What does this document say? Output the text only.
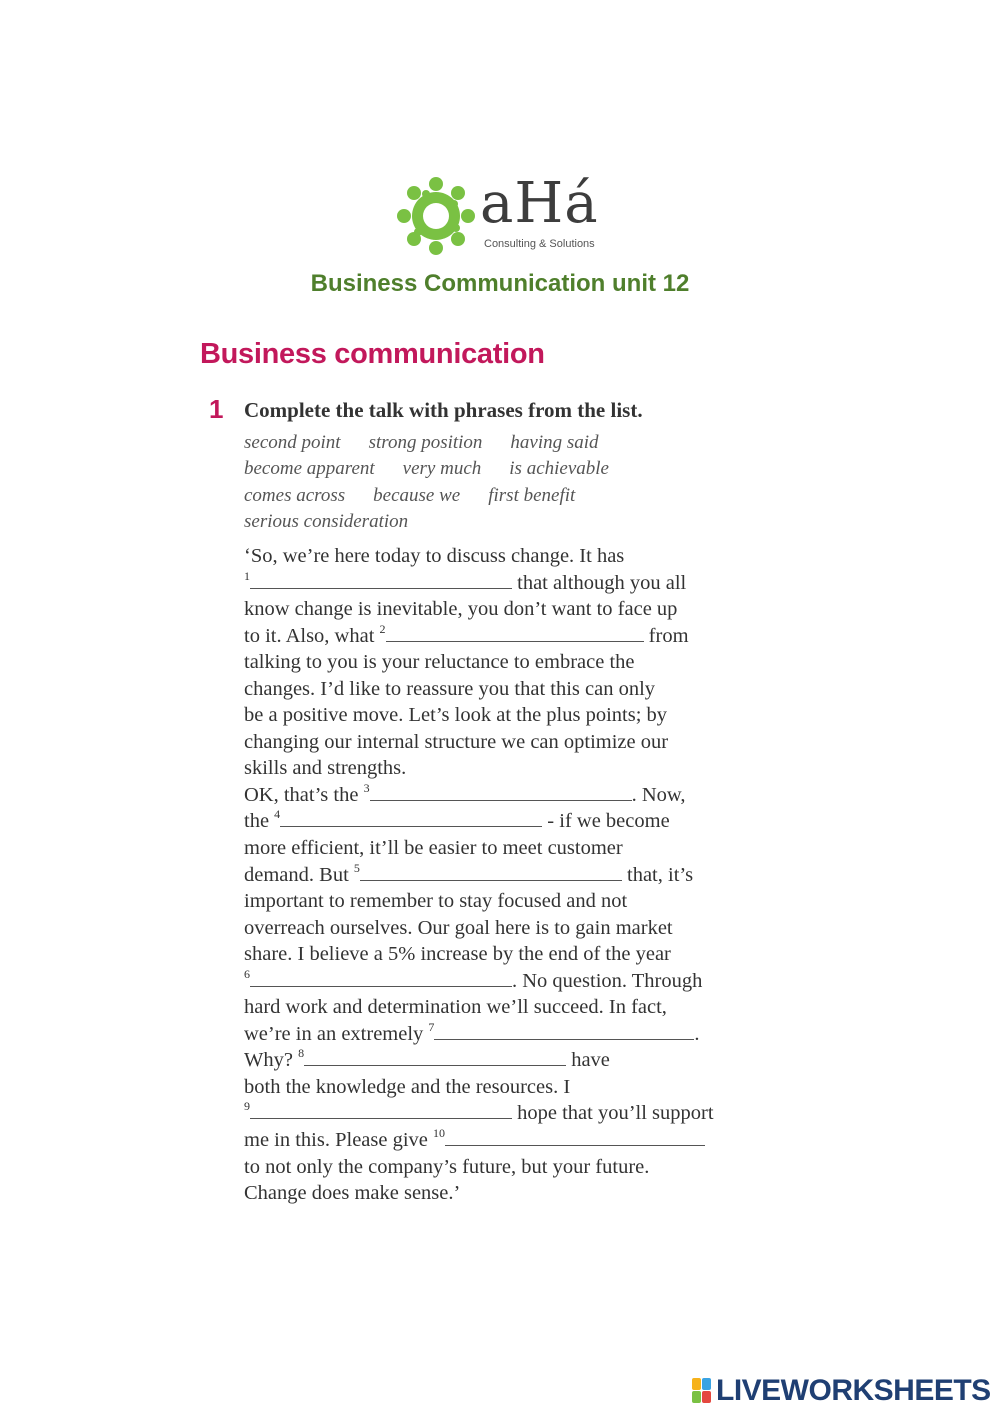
aHá
Consulting & Solutions
Business Communication unit 12
Business communication
1 Complete the talk with phrases from the list.
second point strong position having said
become apparent very much is achievable
comes across because we first benefit
serious consideration
‘So, we’re here today to discuss change. It has
$^1$	that although you all
know change is inevitable, you don’t want to face up
to it. Also, what $^2$	from
talking to you is your reluctance to embrace the
changes. I’d like to reassure you that this can only
be a positive move. Let’s look at the plus points; by
changing our internal structure we can optimize our
skills and strengths.
OK, that’s the $^3$	. Now,
the $^4$	- if we become
more efficient, it’ll be easier to meet customer
demand. But $^5$	that, it’s
important to remember to stay focused and not
overreach ourselves. Our goal here is to gain market
share. I believe a 5% increase by the end of the year
$^6$	. No question. Through
hard work and determination we’ll succeed. In fact,
we’re in an extremely $^7$	.
Why? $^8$	have
both the knowledge and the resources. I
$^9$	hope that you’ll support
me in this. Please give $^{10}$
to not only the company’s future, but your future.
Change does make sense.’
LIVEWORKSHEETS
